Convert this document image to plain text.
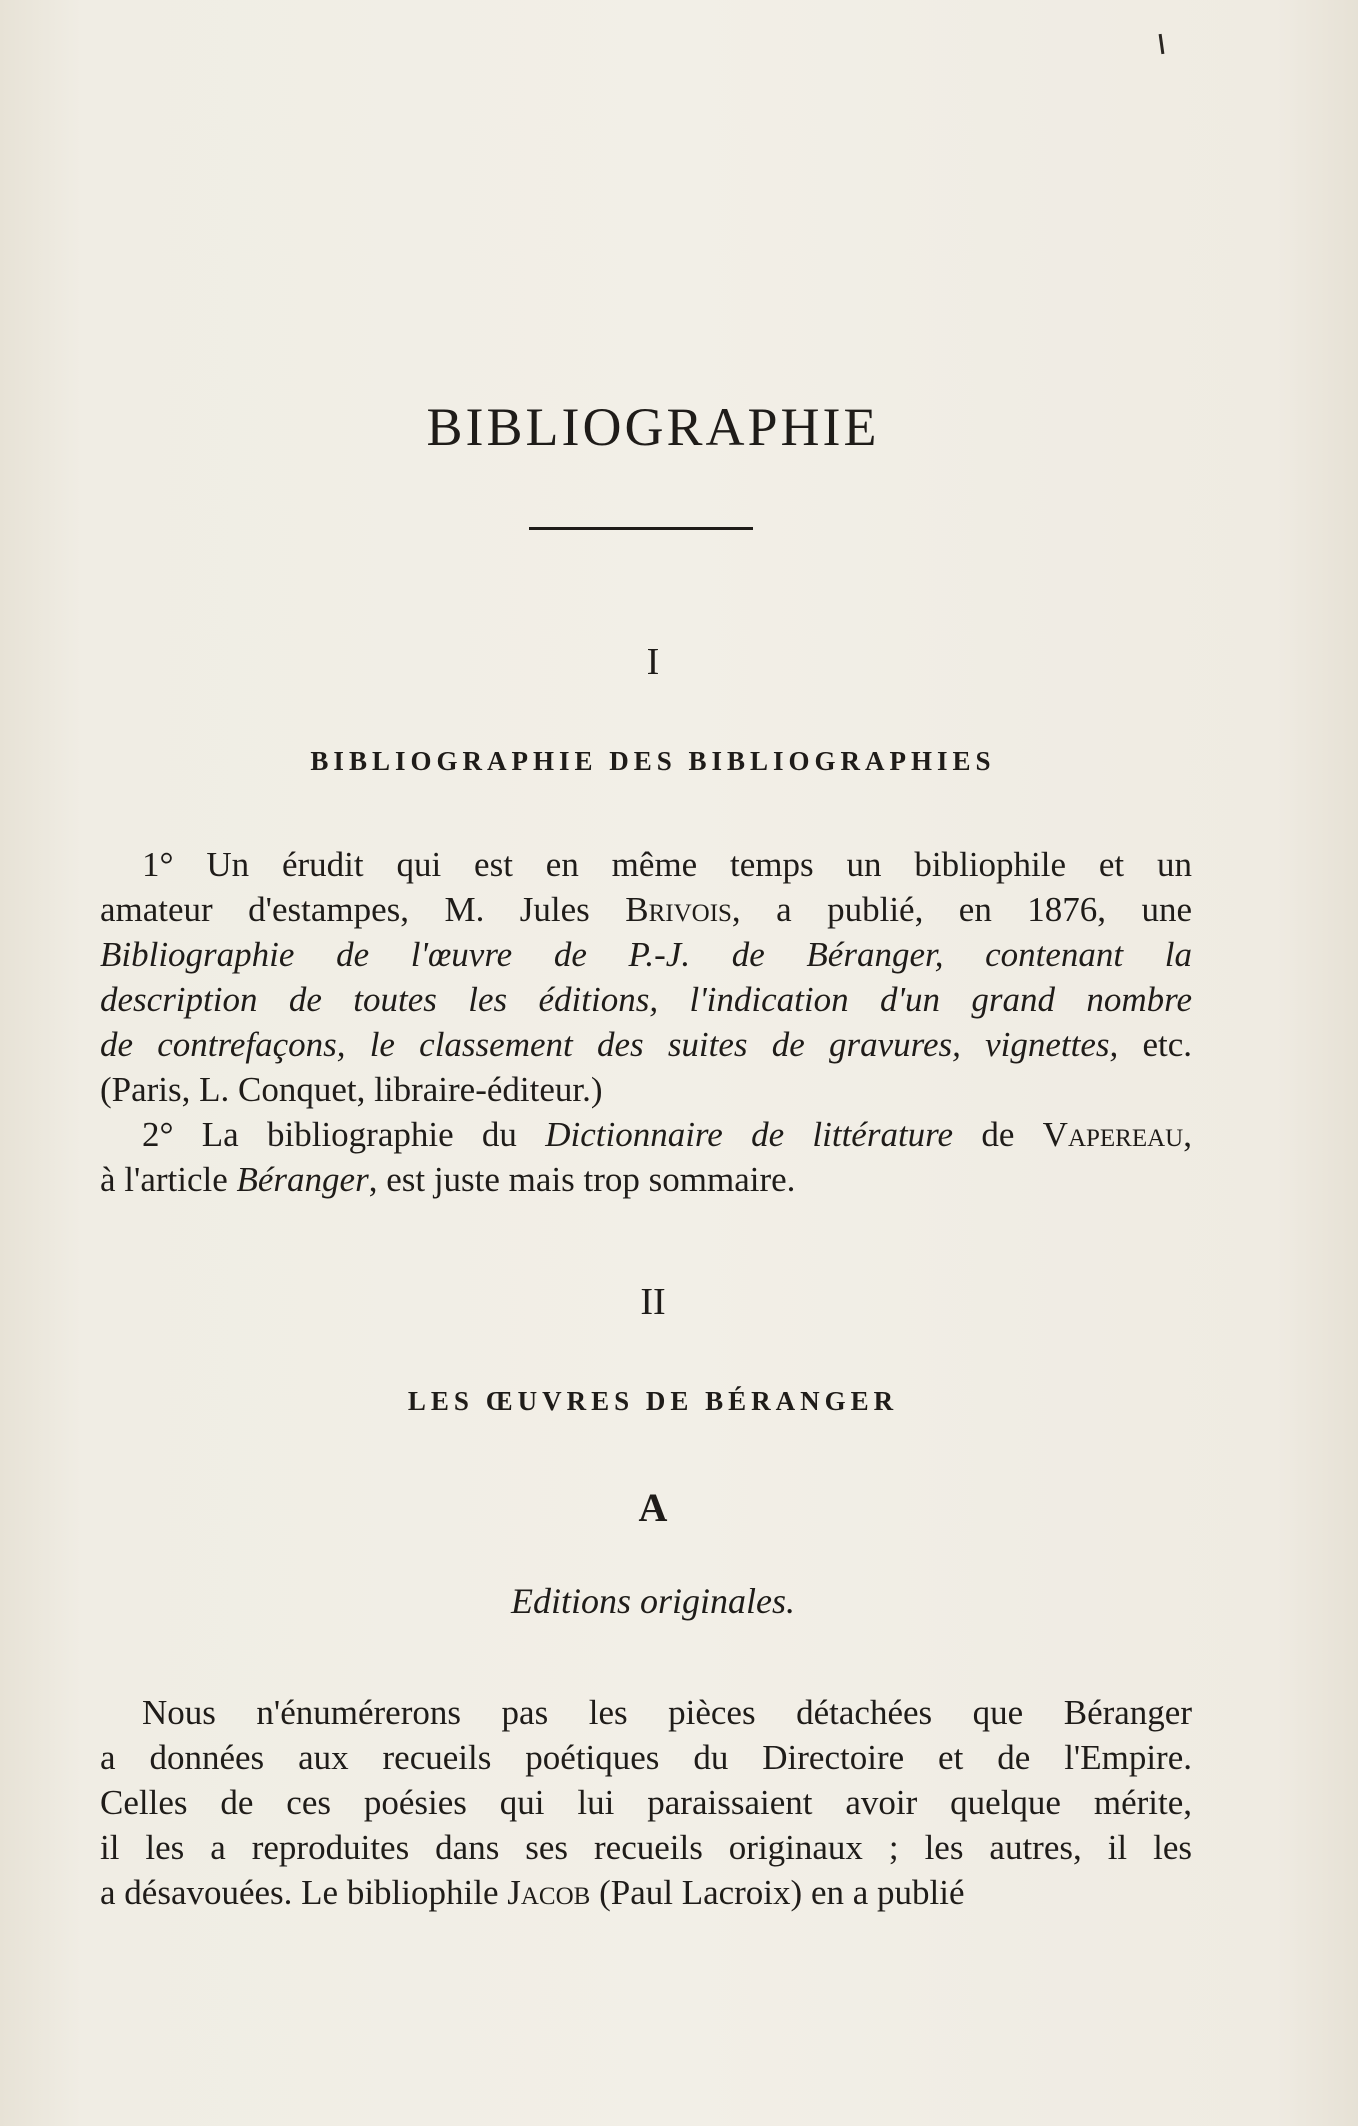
BIBLIOGRAPHIE
I
BIBLIOGRAPHIE DES BIBLIOGRAPHIES

1° Un érudit qui est en même temps un bibliophile et un
amateur d'estampes, M. Jules Brivois, a publié, en 1876, une
Bibliographie de l'œuvre de P.-J. de Béranger, contenant la
description de toutes les éditions, l'indication d'un grand nombre
de contrefaçons, le classement des suites de gravures, vignettes, etc.
(Paris, L. Conquet, libraire-éditeur.)

2° La bibliographie du Dictionnaire de littérature de Vapereau,
à l'article Béranger, est juste mais trop sommaire.

II
LES ŒUVRES DE BÉRANGER
A
Editions originales.

Nous n'énumérerons pas les pièces détachées que Béranger
a données aux recueils poétiques du Directoire et de l'Empire.
Celles de ces poésies qui lui paraissaient avoir quelque mérite,
il les a reproduites dans ses recueils originaux ; les autres, il les
a désavouées. Le bibliophile Jacob (Paul Lacroix) en a publié
